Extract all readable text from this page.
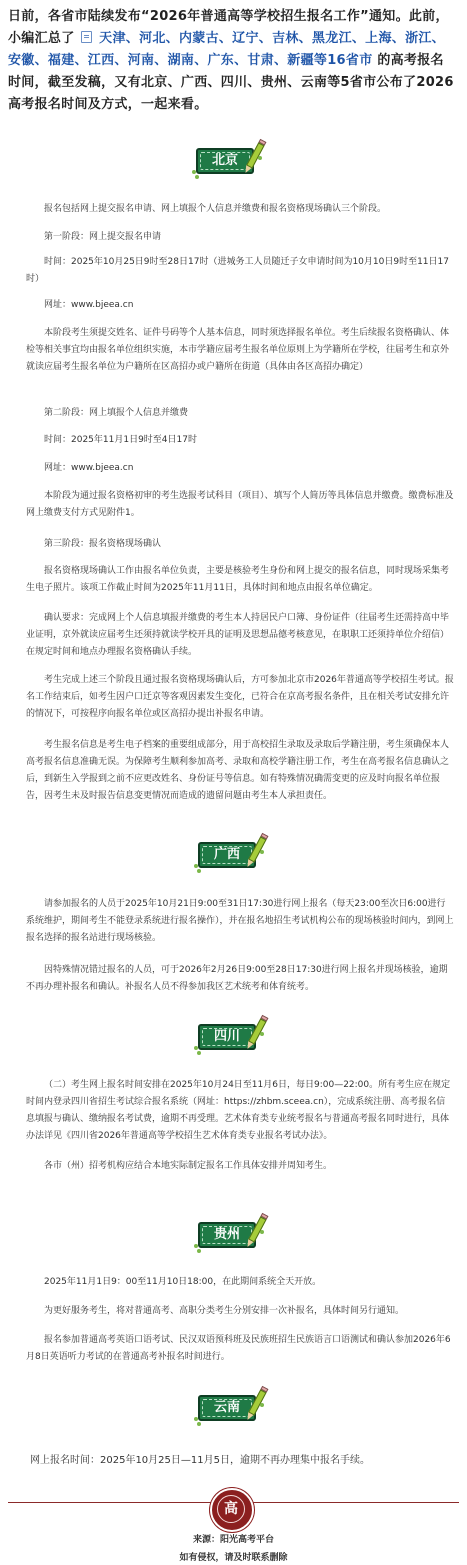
日前，各省市陆续发布“2026年普通高等学校招生报名工作”通知。此前，小编汇总了 天津、河北、内蒙古、辽宁、吉林、黑龙江、上海、浙江、安徽、福建、江西、河南、湖南、广东、甘肃、新疆等16省市 的高考报名时间，截至发稿，又有北京、广西、四川、贵州、云南等5省市公布了2026高考报名时间及方式，一起来看。
北京

报名包括网上提交报名申请、网上填报个人信息并缴费和报名资格现场确认三个阶段。

第一阶段：网上提交报名申请

时间：2025年10月25日9时至28日17时（进城务工人员随迁子女申请时间为10月10日9时至11日17时）

网址：www.bjeea.cn

本阶段考生须提交姓名、证件号码等个人基本信息，同时须选择报名单位。考生后续报名资格确认、体检等相关事宜均由报名单位组织实施，本市学籍应届考生报名单位原则上为学籍所在学校，往届考生和京外就读应届考生报名单位为户籍所在区高招办或户籍所在街道（具体由各区高招办确定）

第二阶段：网上填报个人信息并缴费

时间：2025年11月1日9时至4日17时

网址：www.bjeea.cn

本阶段为通过报名资格初审的考生选报考试科目（项目）、填写个人简历等具体信息并缴费。缴费标准及网上缴费支付方式见附件1。

第三阶段：报名资格现场确认

报名资格现场确认工作由报名单位负责，主要是核验考生身份和网上提交的报名信息，同时现场采集考生电子照片。该项工作截止时间为2025年11月11日，具体时间和地点由报名单位确定。

确认要求：完成网上个人信息填报并缴费的考生本人持居民户口簿、身份证件（往届考生还需持高中毕业证明，京外就读应届考生还须持就读学校开具的证明及思想品德考核意见，在职职工还须持单位介绍信）在规定时间和地点办理报名资格确认手续。

考生完成上述三个阶段且通过报名资格现场确认后，方可参加北京市2026年普通高等学校招生考试。报名工作结束后，如考生因户口迁京等客观因素发生变化，已符合在京高考报名条件，且在相关考试安排允许的情况下，可按程序向报名单位或区高招办提出补报名申请。

考生报名信息是考生电子档案的重要组成部分，用于高校招生录取及录取后学籍注册，考生须确保本人高考报名信息准确无误。为保障考生顺利参加高考、录取和高校学籍注册工作，考生在高考报名信息确认之后，到新生入学报到之前不应更改姓名、身份证号等信息。如有特殊情况确需变更的应及时向报名单位报告，因考生未及时报告信息变更情况而造成的遗留问题由考生本人承担责任。

广西

请参加报名的人员于2025年10月21日9:00至31日17:30进行网上报名（每天23:00至次日6:00进行系统维护，期间考生不能登录系统进行报名操作），并在报名地招生考试机构公布的现场核验时间内，到网上报名选择的报名站进行现场核验。

因特殊情况错过报名的人员，可于2026年2月26日9:00至28日17:30进行网上报名并现场核验，逾期不再办理补报名和确认。补报名人员不得参加我区艺术统考和体育统考。

四川

（二）考生网上报名时间安排在2025年10月24日至11月6日，每日9:00—22:00。所有考生应在规定时间内登录四川省招生考试综合报名系统（网址：https://zhbm.sceea.cn），完成系统注册、高考报名信息填报与确认、缴纳报名考试费，逾期不再受理。艺术体育类专业统考报名与普通高考报名同时进行，具体办法详见《四川省2026年普通高等学校招生艺术体育类专业报名考试办法》。

各市（州）招考机构应结合本地实际制定报名工作具体安排并周知考生。

贵州

2025年11月1日9：00至11月10日18:00，在此期间系统全天开放。

为更好服务考生，将对普通高考、高职分类考生分别安排一次补报名，具体时间另行通知。

报名参加普通高考英语口语考试、民汉双语预科班及民族班招生民族语言口语测试和确认参加2026年6月8日英语听力考试的在普通高考补报名时间进行。

云南

网上报名时间：2025年10月25日—11月5日，逾期不再办理集中报名手续。

高
来源：阳光高考平台
如有侵权，请及时联系删除
